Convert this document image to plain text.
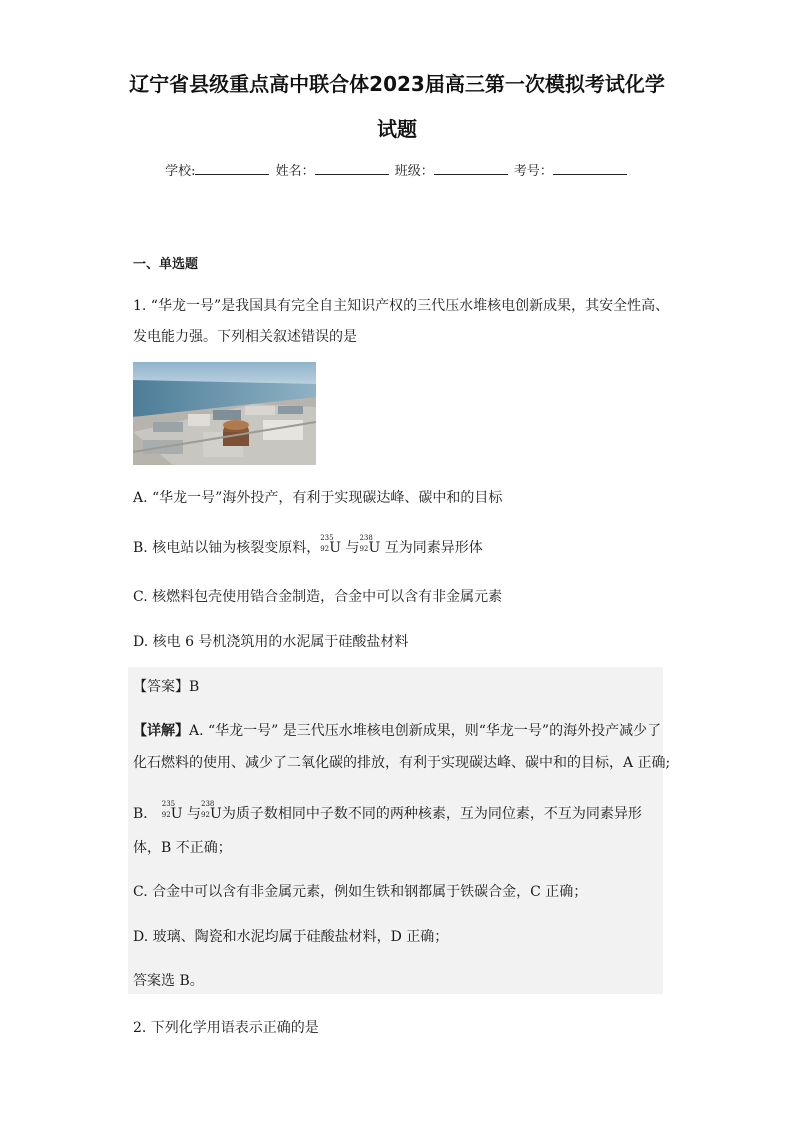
辽宁省县级重点高中联合体2023届高三第一次模拟考试化学
试题
学校:	姓名：	班级：	考号：
一、单选题
1. “华龙一号”是我国具有完全自主知识产权的三代压水堆核电创新成果，其安全性高、
发电能力强。下列相关叙述错误的是
A. “华龙一号”海外投产，有利于实现碳达峰、碳中和的目标
B. 核电站以铀为核裂变原料，
235
92 U 与
238
92 U 互为同素异形体
C. 核燃料包壳使用锆合金制造，合金中可以含有非金属元素
D. 核电 6 号机浇筑用的水泥属于硅酸盐材料
【答案】B
【详解】A. “华龙一号” 是三代压水堆核电创新成果，则“华龙一号”的海外投产减少了
化石燃料的使用、减少了二氧化碳的排放，有利于实现碳达峰、碳中和的目标，A 正确;
B．
235
92 U 与
238
92 U为质子数相同中子数不同的两种核素，互为同位素，不互为同素异形
体，B 不正确；
C. 合金中可以含有非金属元素，例如生铁和钢都属于铁碳合金，C 正确；
D. 玻璃、陶瓷和水泥均属于硅酸盐材料，D 正确；
答案选 B。
2. 下列化学用语表示正确的是
